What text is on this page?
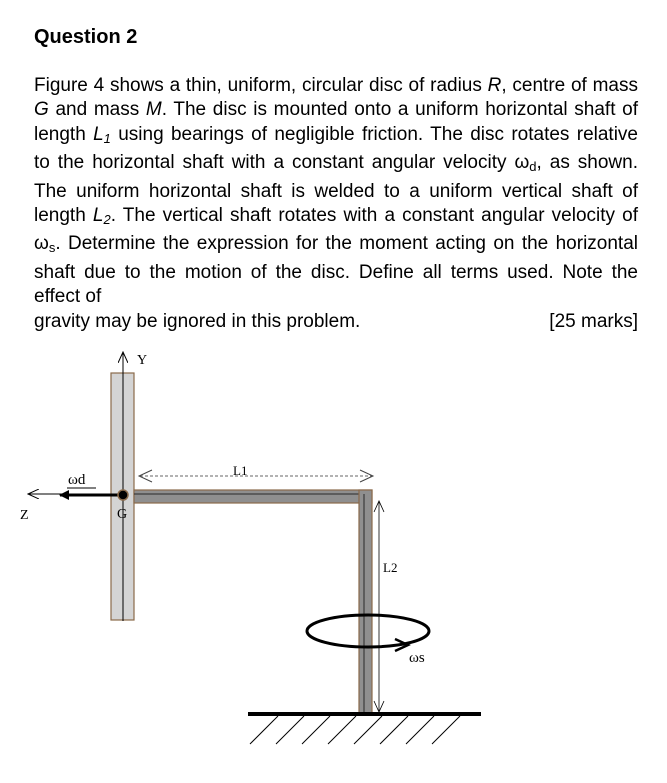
Question 2
Figure 4 shows a thin, uniform, circular disc of radius R, centre of mass G and mass M. The disc is mounted onto a uniform horizontal shaft of length $L_1$ using bearings of negligible friction. The disc rotates relative to the horizontal shaft with a constant angular velocity $\omega_d$, as shown. The uniform horizontal shaft is welded to a uniform vertical shaft of length $L_2$. The vertical shaft rotates with a constant angular velocity of $\omega_s$. Determine the expression for the moment acting on the horizontal shaft due to the motion of the disc. Define all terms used. Note the effect of
gravity may be ignored in this problem.	[25 marks]
Y
L1
L2
Z
ωd
G
ωs
